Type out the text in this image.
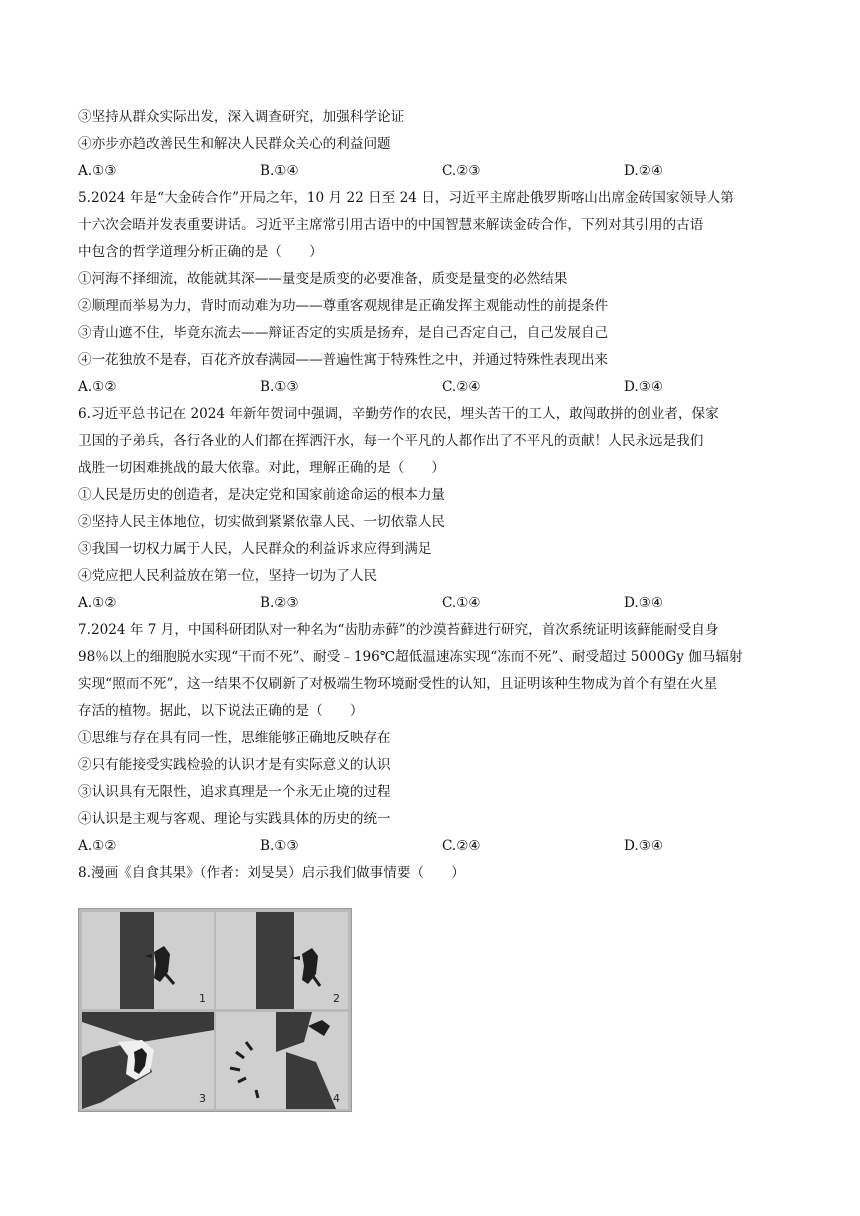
③坚持从群众实际出发，深入调查研究，加强科学论证
④亦步亦趋改善民生和解决人民群众关心的利益问题
A.①③	B.①④	C.②③	D.②④
5.2024 年是“大金砖合作”开局之年，10 月 22 日至 24 日，习近平主席赴俄罗斯喀山出席金砖国家领导人第
十六次会晤并发表重要讲话。习近平主席常引用古语中的中国智慧来解读金砖合作，下列对其引用的古语
中包含的哲学道理分析正确的是（　　）
①河海不择细流，故能就其深——量变是质变的必要准备，质变是量变的必然结果
②顺理而举易为力，背时而动难为功——尊重客观规律是正确发挥主观能动性的前提条件
③青山遮不住，毕竟东流去——辩证否定的实质是扬弃，是自己否定自己，自己发展自己
④一花独放不是春，百花齐放春满园——普遍性寓于特殊性之中，并通过特殊性表现出来
A.①②	B.①③	C.②④	D.③④
6.习近平总书记在 2024 年新年贺词中强调，辛勤劳作的农民，埋头苦干的工人，敢闯敢拼的创业者，保家
卫国的子弟兵，各行各业的人们都在挥洒汗水，每一个平凡的人都作出了不平凡的贡献！人民永远是我们
战胜一切困难挑战的最大依靠。对此，理解正确的是（　　）
①人民是历史的创造者，是决定党和国家前途命运的根本力量
②坚持人民主体地位，切实做到紧紧依靠人民、一切依靠人民
③我国一切权力属于人民，人民群众的利益诉求应得到满足
④党应把人民利益放在第一位，坚持一切为了人民
A.①②	B.②③	C.①④	D.③④
7.2024 年 7 月，中国科研团队对一种名为“齿肋赤藓”的沙漠苔藓进行研究，首次系统证明该藓能耐受自身
98％以上的细胞脱水实现“干而不死”、耐受﹣196℃超低温速冻实现“冻而不死”、耐受超过 5000Gy 伽马辐射
实现“照而不死”，这一结果不仅刷新了对极端生物环境耐受性的认知，且证明该种生物成为首个有望在火星
存活的植物。据此，以下说法正确的是（　　）
①思维与存在具有同一性，思维能够正确地反映存在
②只有能接受实践检验的认识才是有实际意义的认识
③认识具有无限性，追求真理是一个永无止境的过程
④认识是主观与客观、理论与实践具体的历史的统一
A.①②	B.①③	C.②④	D.③④
8.漫画《自食其果》（作者：刘旻昊）启示我们做事情要（　　）
1	2
3	4
